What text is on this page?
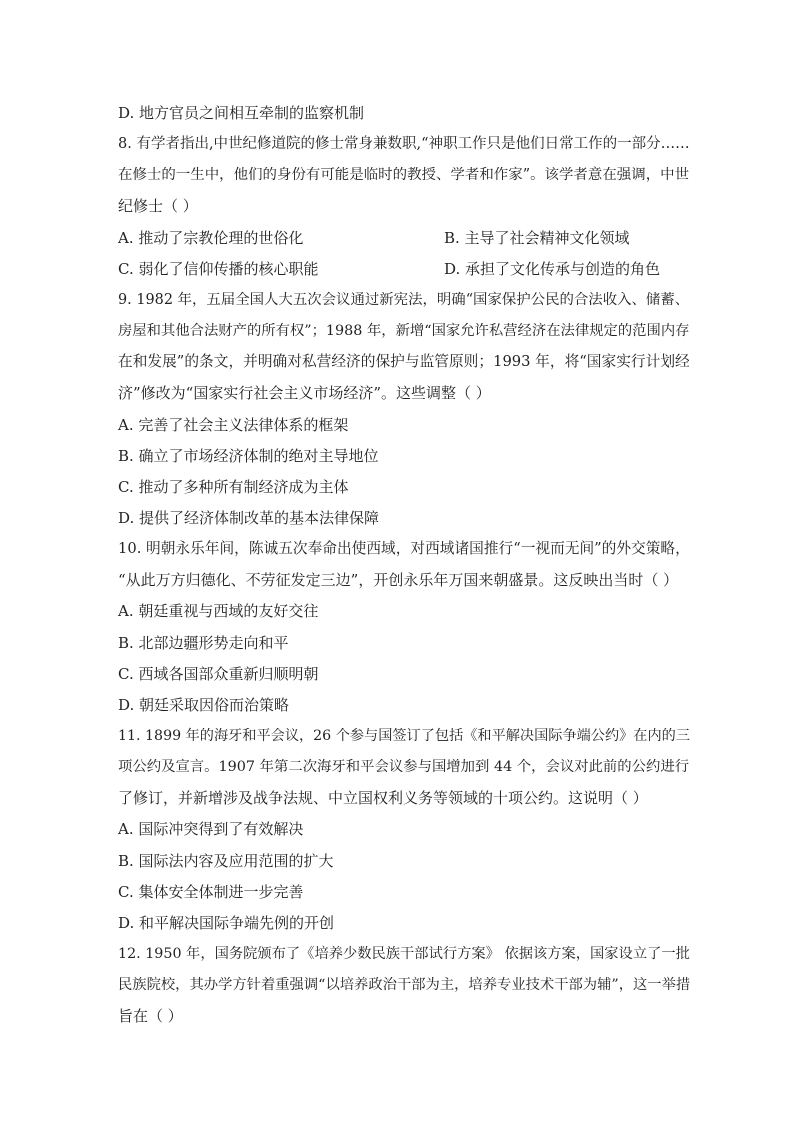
D. 地方官员之间相互牵制的监察机制

8. 有学者指出,中世纪修道院的修士常身兼数职,“神职工作只是他们日常工作的一部分……

在修士的一生中，他们的身份有可能是临时的教授、学者和作家”。该学者意在强调，中世

纪修士（ ）

A. 推动了宗教伦理的世俗化	B. 主导了社会精神文化领域

C. 弱化了信仰传播的核心职能	D. 承担了文化传承与创造的角色

9. 1982 年，五届全国人大五次会议通过新宪法，明确“国家保护公民的合法收入、储蓄、

房屋和其他合法财产的所有权”；1988 年，新增“国家允许私营经济在法律规定的范围内存

在和发展”的条文，并明确对私营经济的保护与监管原则；1993 年，将“国家实行计划经

济”修改为“国家实行社会主义市场经济”。这些调整（ ）

A. 完善了社会主义法律体系的框架

B. 确立了市场经济体制的绝对主导地位

C. 推动了多种所有制经济成为主体

D. 提供了经济体制改革的基本法律保障

10. 明朝永乐年间，陈诚五次奉命出使西域，对西域诸国推行“一视而无间”的外交策略，

“从此万方归德化、不劳征发定三边”，开创永乐年万国来朝盛景。这反映出当时（ ）

A. 朝廷重视与西域的友好交往

B. 北部边疆形势走向和平

C. 西域各国部众重新归顺明朝

D. 朝廷采取因俗而治策略

11. 1899 年的海牙和平会议，26 个参与国签订了包括《和平解决国际争端公约》在内的三

项公约及宣言。1907 年第二次海牙和平会议参与国增加到 44 个，会议对此前的公约进行

了修订，并新增涉及战争法规、中立国权利义务等领域的十项公约。这说明（ ）

A. 国际冲突得到了有效解决

B. 国际法内容及应用范围的扩大

C. 集体安全体制进一步完善

D. 和平解决国际争端先例的开创

12. 1950 年，国务院颁布了《培养少数民族干部试行方案》 依据该方案，国家设立了一批

民族院校，其办学方针着重强调“以培养政治干部为主，培养专业技术干部为辅”，这一举措

旨在（ ）
